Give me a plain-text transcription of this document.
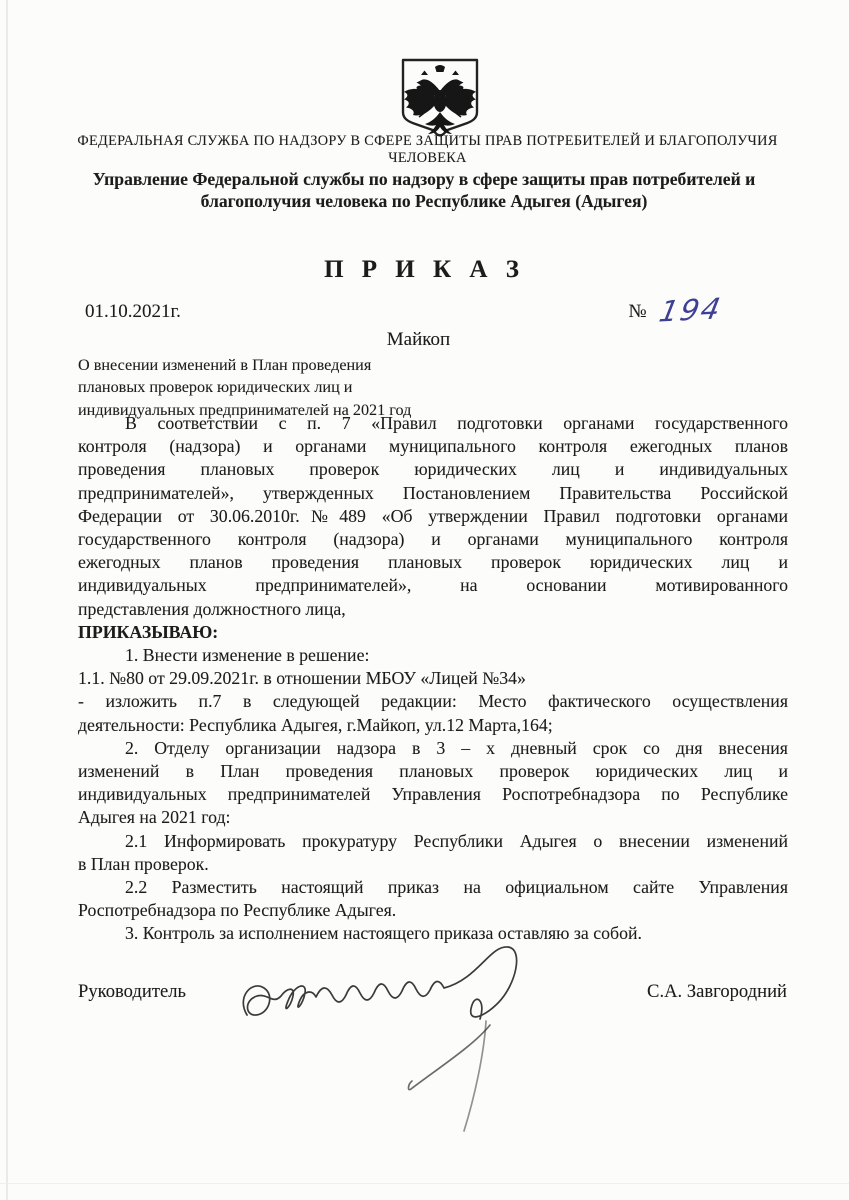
ФЕДЕРАЛЬНАЯ СЛУЖБА ПО НАДЗОРУ В СФЕРЕ ЗАЩИТЫ ПРАВ ПОТРЕБИТЕЛЕЙ И БЛАГОПОЛУЧИЯ ЧЕЛОВЕКА
Управление Федеральной службы по надзору в сфере защиты прав потребителей и благополучия человека по Республике Адыгея (Адыгея)
П Р И К А З
01.10.2021г.	№ 194
Майкоп
О внесении изменений в План проведения
плановых проверок юридических лиц и
индивидуальных предпринимателей на 2021 год
В соответствии с п. 7 «Правил подготовки органами государственного
контроля (надзора) и органами муниципального контроля ежегодных планов
проведения плановых проверок юридических лиц и индивидуальных
предпринимателей», утвержденных Постановлением Правительства Российской
Федерации от 30.06.2010г.№489 «Об утверждении Правил подготовки органами
государственного контроля (надзора) и органами муниципального контроля
ежегодных планов проведения плановых проверок юридических лиц и
индивидуальных предпринимателей», на основании мотивированного
представления должностного лица,
ПРИКАЗЫВАЮ:
1. Внести изменение в решение:
1.1. №80 от 29.09.2021г. в отношении МБОУ «Лицей №34»
- изложить п.7 в следующей редакции: Место фактического осуществления
деятельности: Республика Адыгея, г.Майкоп, ул.12 Марта,164;
2. Отделу организации надзора в 3 – х дневный срок со дня внесения
изменений в План проведения плановых проверок юридических лиц и
индивидуальных предпринимателей Управления Роспотребнадзора по Республике
Адыгея на 2021 год:
2.1 Информировать прокуратуру Республики Адыгея о внесении изменений
в План проверок.
2.2 Разместить настоящий приказ на официальном сайте Управления
Роспотребнадзора по Республике Адыгея.
3. Контроль за исполнением настоящего приказа оставляю за собой.
Руководитель	С.А. Завгородний
